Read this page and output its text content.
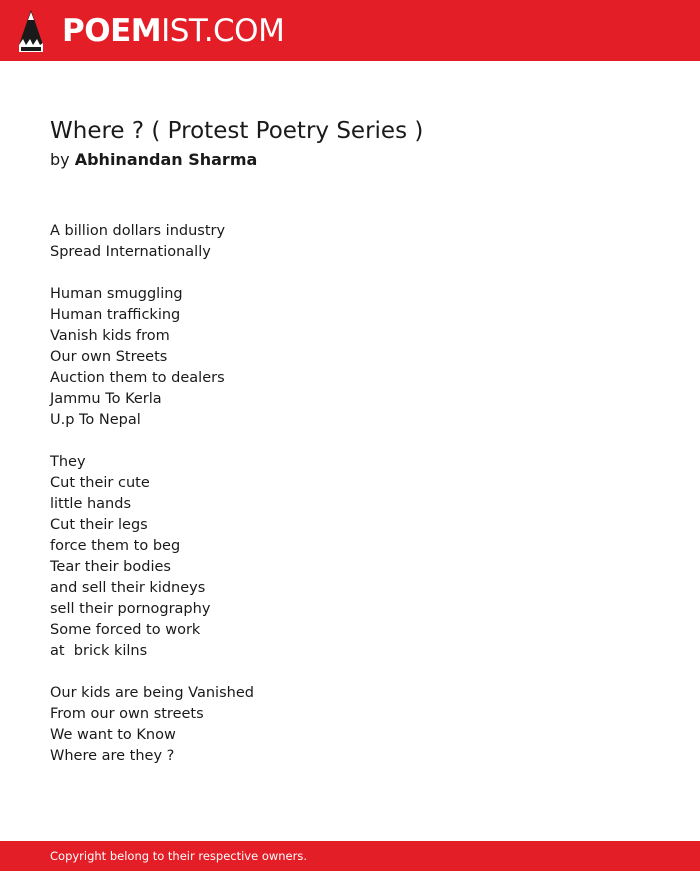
POEMIST.COM
Where ? ( Protest Poetry Series )

by Abhinandan Sharma

A billion dollars industry
Spread Internationally
Human smuggling
Human trafficking
Vanish kids from
Our own Streets
Auction them to dealers
Jammu To Kerla
U.p To Nepal
They
Cut their cute
little hands
Cut their legs
force them to beg
Tear their bodies
and sell their kidneys
sell their pornography
Some forced to work
at  brick kilns
Our kids are being Vanished
From our own streets
We want to Know
Where are they ?
Copyright belong to their respective owners.
